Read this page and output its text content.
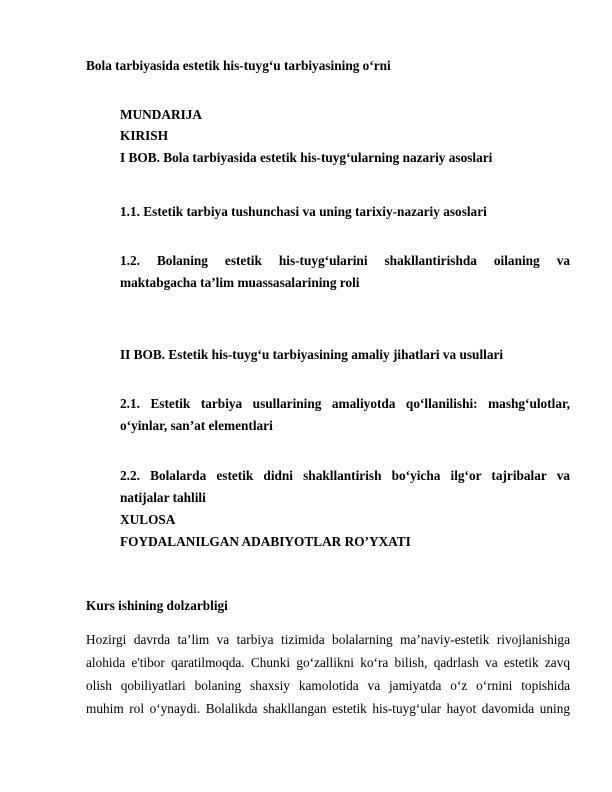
Bola tarbiyasida estetik his-tuyg‘u tarbiyasining o‘rni
MUNDARIJA
KIRISH
I BOB. Bola tarbiyasida estetik his-tuyg‘ularning nazariy asoslari
1.1. Estetik tarbiya tushunchasi va uning tarixiy-nazariy asoslari
1.2. Bolaning estetik his-tuyg‘ularini shakllantirishda oilaning va
maktabgacha ta’lim muassasalarining roli
II BOB. Estetik his-tuyg‘u tarbiyasining amaliy jihatlari va usullari
2.1. Estetik tarbiya usullarining amaliyotda qo‘llanilishi: mashg‘ulotlar,
o‘yinlar, san’at elementlari
2.2. Bolalarda estetik didni shakllantirish bo‘yicha ilg‘or tajribalar va
natijalar tahlili
XULOSA
FOYDALANILGAN ADABIYOTLAR RO’YXATI
Kurs ishining dolzarbligi
Hozirgi davrda ta’lim va tarbiya tizimida bolalarning ma’naviy-estetik rivojlanishiga
alohida e'tibor qaratilmoqda. Chunki go‘zallikni ko‘ra bilish, qadrlash va estetik zavq
olish qobiliyatlari bolaning shaxsiy kamolotida va jamiyatda o‘z o‘rnini topishida
muhim rol o‘ynaydi. Bolalikda shakllangan estetik his-tuyg‘ular hayot davomida uning
